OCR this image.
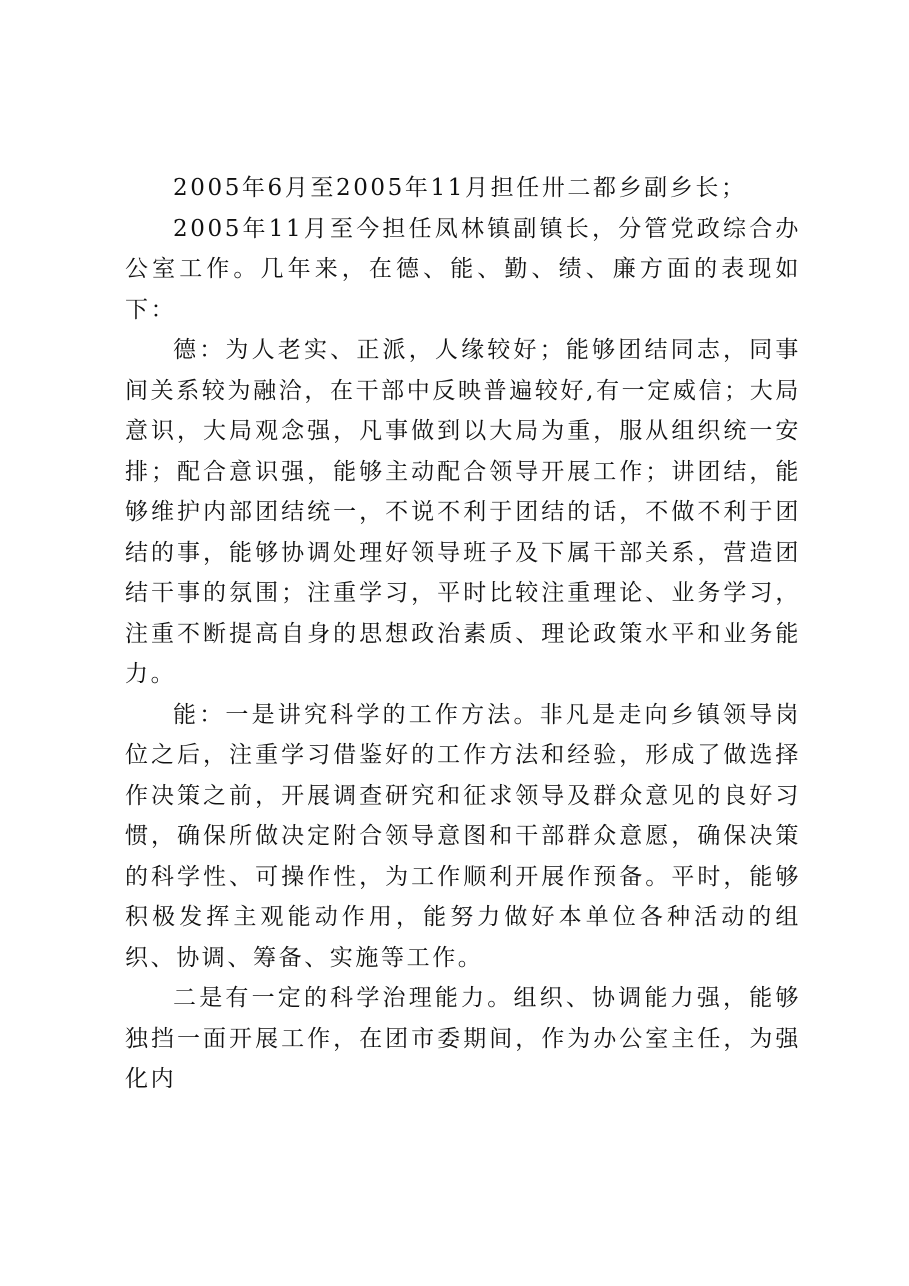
2005年6月至2005年11月担任卅二都乡副乡长；

2005年11月至今担任凤林镇副镇长，分管党政综合办公室工作。几年来，在德、能、勤、绩、廉方面的表现如下：

德：为人老实、正派，人缘较好；能够团结同志，同事间关系较为融洽，在干部中反映普遍较好,有一定威信；大局意识，大局观念强，凡事做到以大局为重，服从组织统一安排；配合意识强，能够主动配合领导开展工作；讲团结，能够维护内部团结统一，不说不利于团结的话，不做不利于团结的事，能够协调处理好领导班子及下属干部关系，营造团结干事的氛围；注重学习，平时比较注重理论、业务学习，注重不断提高自身的思想政治素质、理论政策水平和业务能力。

能：一是讲究科学的工作方法。非凡是走向乡镇领导岗位之后，注重学习借鉴好的工作方法和经验，形成了做选择作决策之前，开展调查研究和征求领导及群众意见的良好习惯，确保所做决定附合领导意图和干部群众意愿，确保决策的科学性、可操作性，为工作顺利开展作预备。平时，能够积极发挥主观能动作用，能努力做好本单位各种活动的组织、协调、筹备、实施等工作。

二是有一定的科学治理能力。组织、协调能力强，能够独挡一面开展工作，在团市委期间，作为办公室主任，为强化内
